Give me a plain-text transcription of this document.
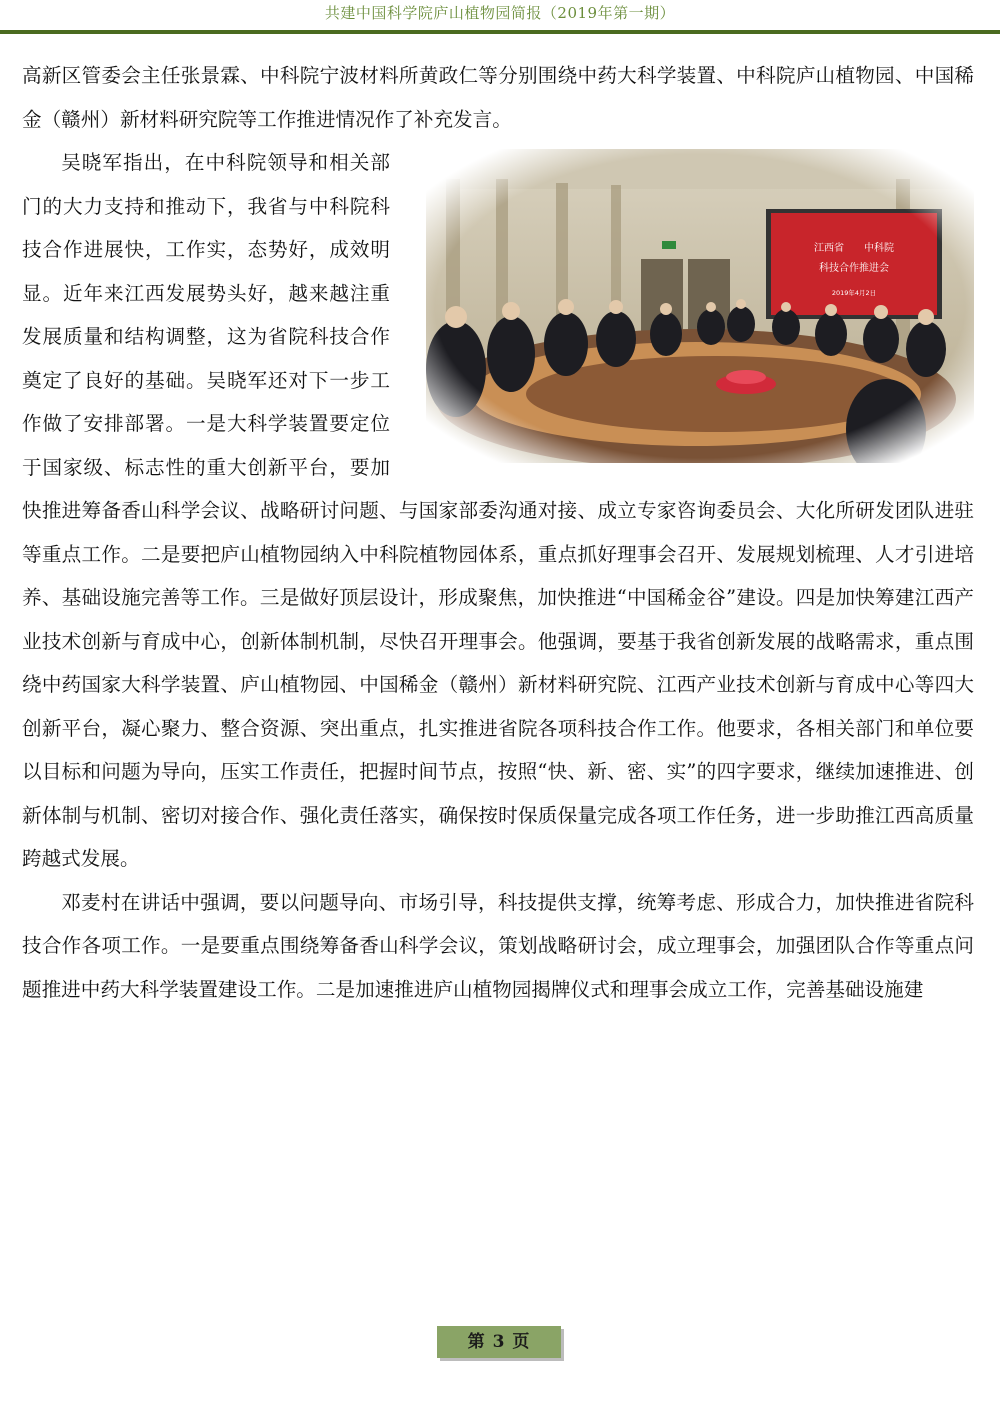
共建中国科学院庐山植物园简报（2019年第一期）

高新区管委会主任张景霖、中科院宁波材料所黄政仁等分别围绕中药大科学装置、中科院庐山植物园、中国稀金（赣州）新材料研究院等工作推进情况作了补充发言。

吴晓军指出，在中科院领导和相关部门的大力支持和推动下，我省与中科院科技合作进展快，工作实，态势好，成效明显。近年来江西发展势头好，越来越注重发展质量和结构调整，这为省院科技合作奠定了良好的基础。吴晓军还对下一步工作做了安排部署。一是大科学装置要定位于国家级、标志性的重大创新平台，要加快推进筹备香山科学会议、战略研讨问题、与国家部委沟通对接、成立专家咨询委员会、大化所研发团队进驻等重点工作。二是要把庐山植物园纳入中科院植物园体系，重点抓好理事会召开、发展规划梳理、人才引进培养、基础设施完善等工作。三是做好顶层设计，形成聚焦，加快推进“中国稀金谷”建设。四是加快筹建江西产业技术创新与育成中心，创新体制机制，尽快召开理事会。他强调，要基于我省创新发展的战略需求，重点围绕中药国家大科学装置、庐山植物园、中国稀金（赣州）新材料研究院、江西产业技术创新与育成中心等四大创新平台，凝心聚力、整合资源、突出重点，扎实推进省院各项科技合作工作。他要求，各相关部门和单位要以目标和问题为导向，压实工作责任，把握时间节点，按照“快、新、密、实”的四字要求，继续加速推进、创新体制与机制、密切对接合作、强化责任落实，确保按时保质保量完成各项工作任务，进一步助推江西高质量跨越式发展。

邓麦村在讲话中强调，要以问题导向、市场引导，科技提供支撑，统筹考虑、形成合力，加快推进省院科技合作各项工作。一是要重点围绕筹备香山科学会议，策划战略研讨会，成立理事会，加强团队合作等重点问题推进中药大科学装置建设工作。二是加速推进庐山植物园揭牌仪式和理事会成立工作，完善基础设施建

第 3 页
